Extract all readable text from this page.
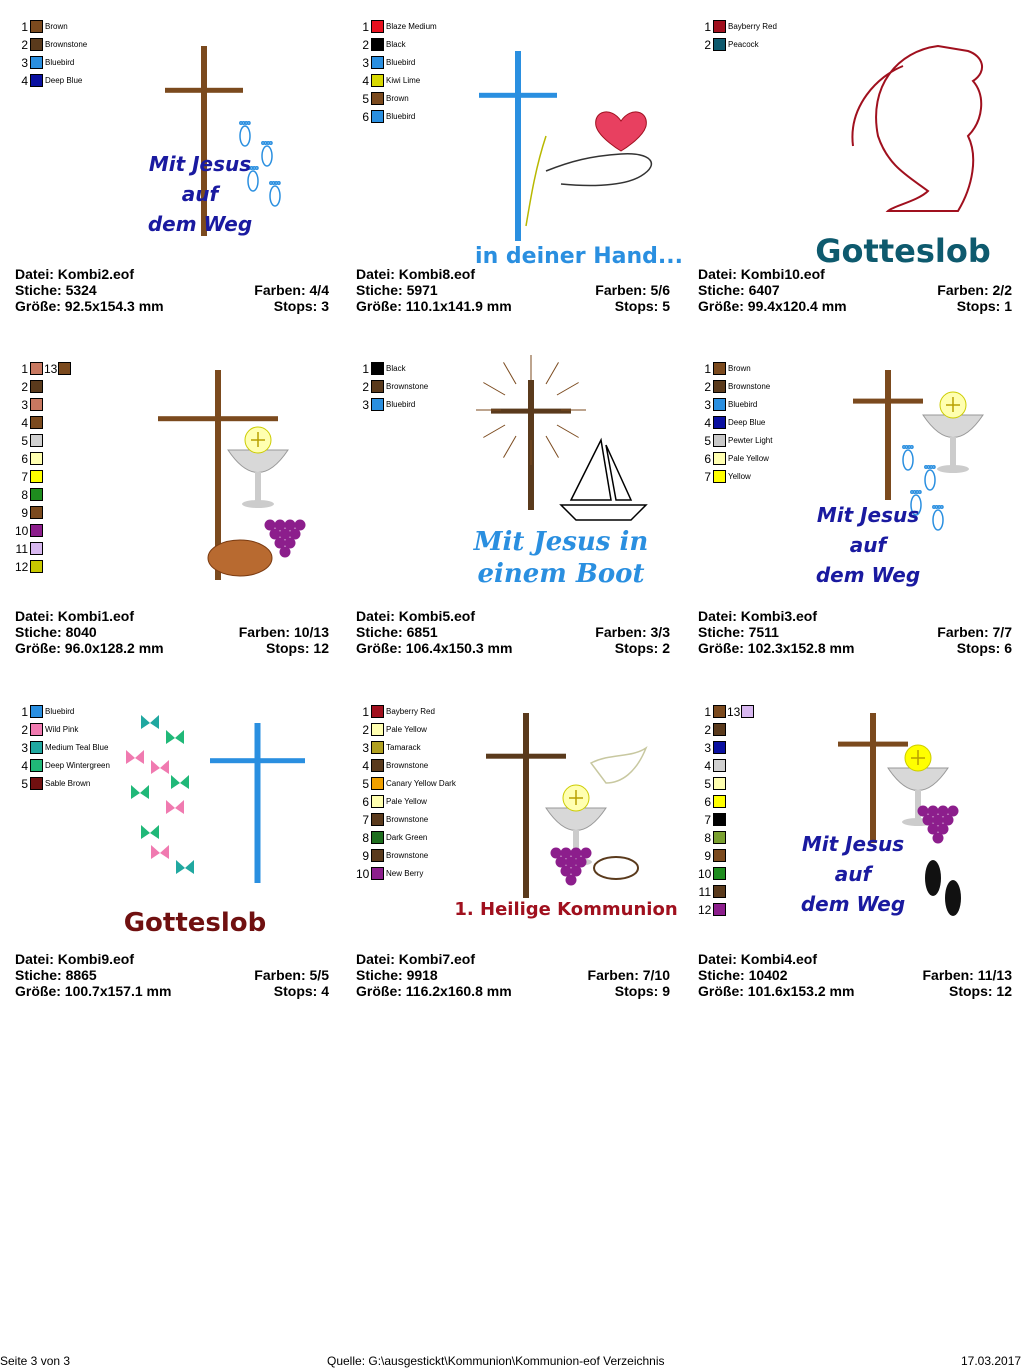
1 Brown
2 Brownstone
3 Bluebird
4 Deep Blue
Mit Jesus
auf
dem Weg
Datei: Kombi2.eof
Stiche: 5324	Farben: 4/4
Größe: 92.5x154.3 mm	Stops: 3
1 Blaze Medium
2 Black
3 Bluebird
4 Kiwi Lime
5 Brown
6 Bluebird
in deiner Hand...
Datei: Kombi8.eof
Stiche: 5971	Farben: 5/6
Größe: 110.1x141.9 mm	Stops: 5
1 Bayberry Red
2 Peacock
Gotteslob
Datei: Kombi10.eof
Stiche: 6407	Farben: 2/2
Größe: 99.4x120.4 mm	Stops: 1
1 13
2
3
4
5
6
7
8
9
10
11
12
Datei: Kombi1.eof
Stiche: 8040	Farben: 10/13
Größe: 96.0x128.2 mm	Stops: 12
1 Black
2 Brownstone
3 Bluebird
Mit Jesus in
einem Boot
Datei: Kombi5.eof
Stiche: 6851	Farben: 3/3
Größe: 106.4x150.3 mm	Stops: 2
1 Brown
2 Brownstone
3 Bluebird
4 Deep Blue
5 Pewter Light
6 Pale Yellow
7 Yellow
Mit Jesus
auf
dem Weg
Datei: Kombi3.eof
Stiche: 7511	Farben: 7/7
Größe: 102.3x152.8 mm	Stops: 6
1 Bluebird
2 Wild Pink
3 Medium Teal Blue
4 Deep Wintergreen
5 Sable Brown
Gotteslob
Datei: Kombi9.eof
Stiche: 8865	Farben: 5/5
Größe: 100.7x157.1 mm	Stops: 4
1 Bayberry Red
2 Pale Yellow
3 Tamarack
4 Brownstone
5 Canary Yellow Dark
6 Pale Yellow
7 Brownstone
8 Dark Green
9 Brownstone
10 New Berry
1. Heilige Kommunion
Datei: Kombi7.eof
Stiche: 9918	Farben: 7/10
Größe: 116.2x160.8 mm	Stops: 9
1 13
2
3
4
5
6
7
8
9
10
11
12
Mit Jesus
auf
dem Weg
Datei: Kombi4.eof
Stiche: 10402	Farben: 11/13
Größe: 101.6x153.2 mm	Stops: 12
Seite 3 von 3	Quelle: G:\ausgestickt\Kommunion\Kommunion-eof Verzeichnis	17.03.2017
